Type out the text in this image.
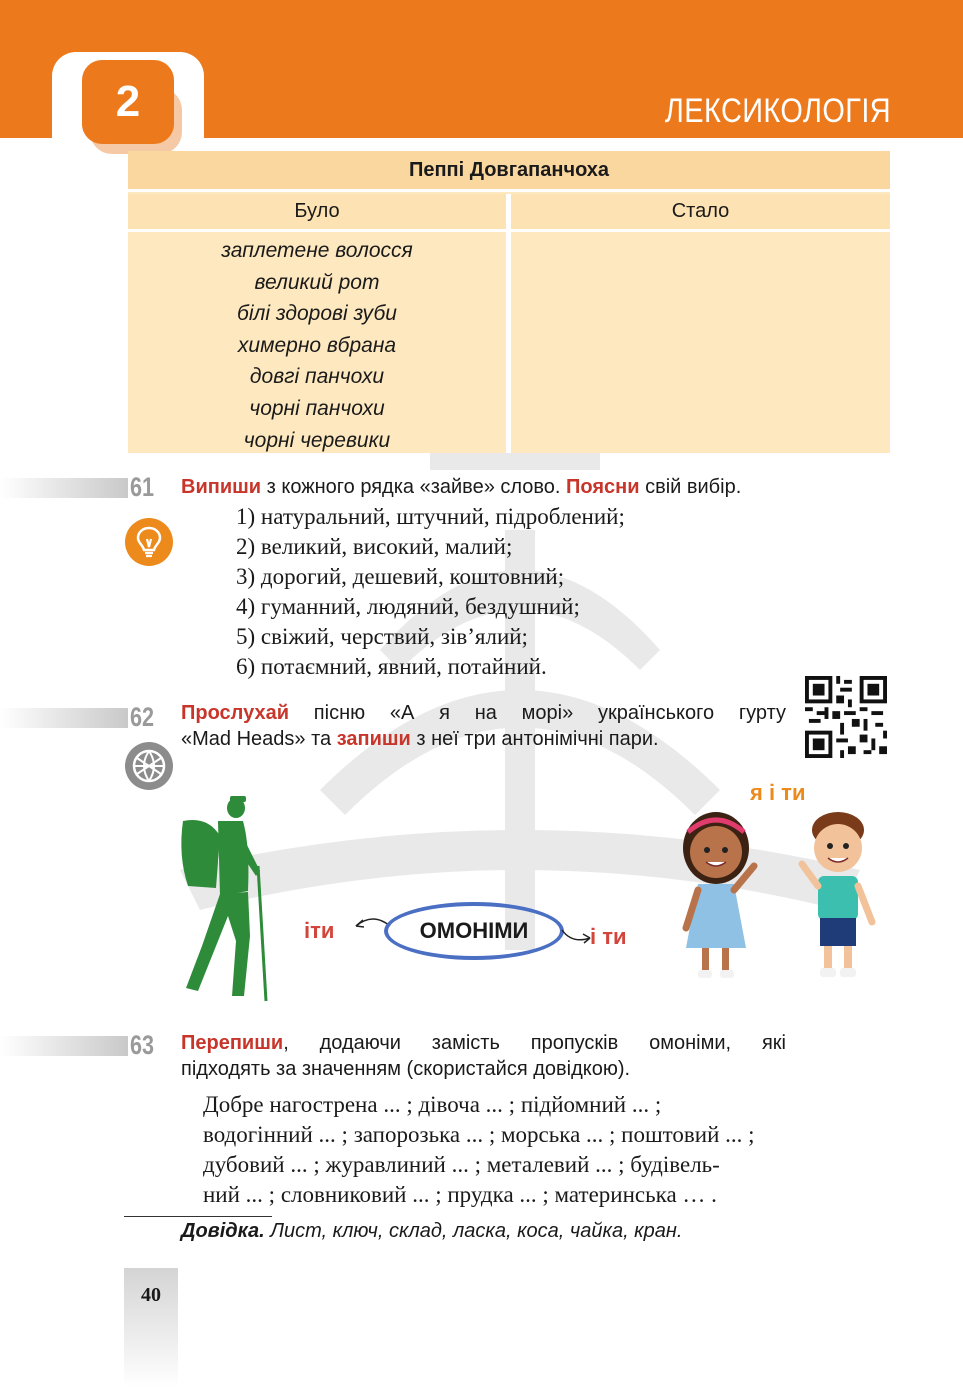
2	ЛЕКСИКОЛОГІЯ
Пеппі Довгапанчоха
Було	Стало
заплетене волосся
великий рот
білі здорові зуби
химерно вбрана
довгі панчохи
чорні панчохи
чорні черевики
61 Випиши з кожного рядка «зайве» слово. Поясни свій вибір.
1) натуральний, штучний, підроблений;
2) великий, високий, малий;
3) дорогий, дешевий, коштовний;
4) гуманний, людяний, бездушний;
5) свіжий, черствий, зів’ялий;
6) потаємний, явний, потайний.
62 Прослухай пісню «А я на морі» українського гурту
«Mad Heads» та запиши з неї три антонімічні пари.
іти	ОМОНІМИ	і ти
я і ти
63 Перепиши, додаючи замість пропусків омоніми, які
підходять за значенням (скористайся довідкою).
Добре нагострена ... ; дівоча ... ; підйомний ... ;
водогінний ... ; запорозька ... ; морська ... ; поштовий ... ;
дубовий ... ; журавлиний ... ; металевий ... ; будівель-
ний ... ; словниковий ... ; прудка ... ; материнська … .
Довідка. Лист, ключ, склад, ласка, коса, чайка, кран.
40
